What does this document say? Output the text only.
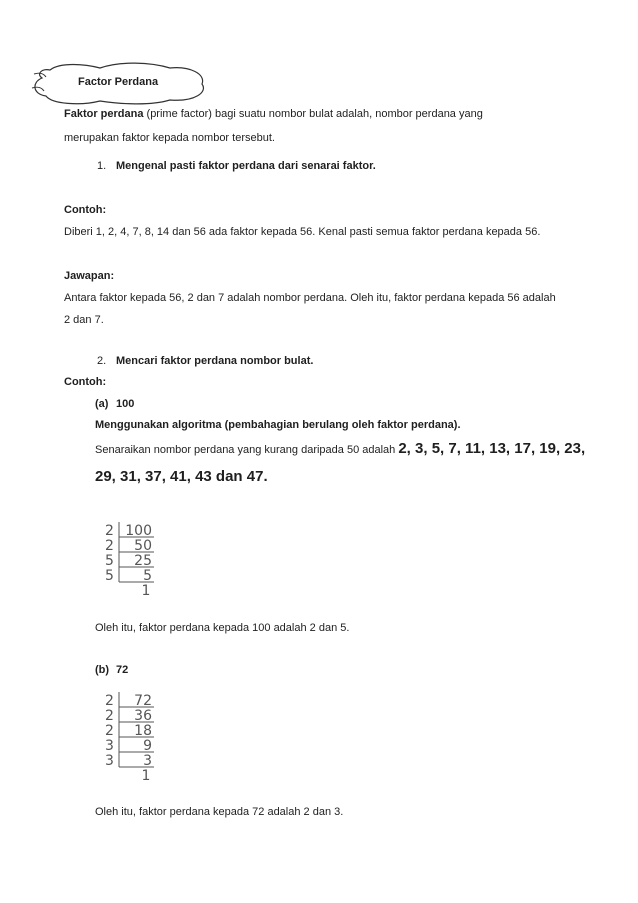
Factor Perdana
Faktor perdana (prime factor) bagi suatu nombor bulat adalah, nombor perdana yang
merupakan faktor kepada nombor tersebut.
1. Mengenal pasti faktor perdana dari senarai faktor.
Contoh:
Diberi 1, 2, 4, 7, 8, 14 dan 56 ada faktor kepada 56. Kenal pasti semua faktor perdana kepada 56.
Jawapan:
Antara faktor kepada 56, 2 dan 7 adalah nombor perdana. Oleh itu, faktor perdana kepada 56 adalah
2 dan 7.
2. Mencari faktor perdana nombor bulat.
Contoh:
(a) 100
Menggunakan algoritma (pembahagian berulang oleh faktor perdana).
Senaraikan nombor perdana yang kurang daripada 50 adalah 2, 3, 5, 7, 11, 13, 17, 19, 23,
29, 31, 37, 41, 43 dan 47.
2
2
5
5
100
50
25
5
1
Oleh itu, faktor perdana kepada 100 adalah 2 dan 5.
(b) 72
2
2
2
3
3
72
36
18
9
3
1
Oleh itu, faktor perdana kepada 72 adalah 2 dan 3.
